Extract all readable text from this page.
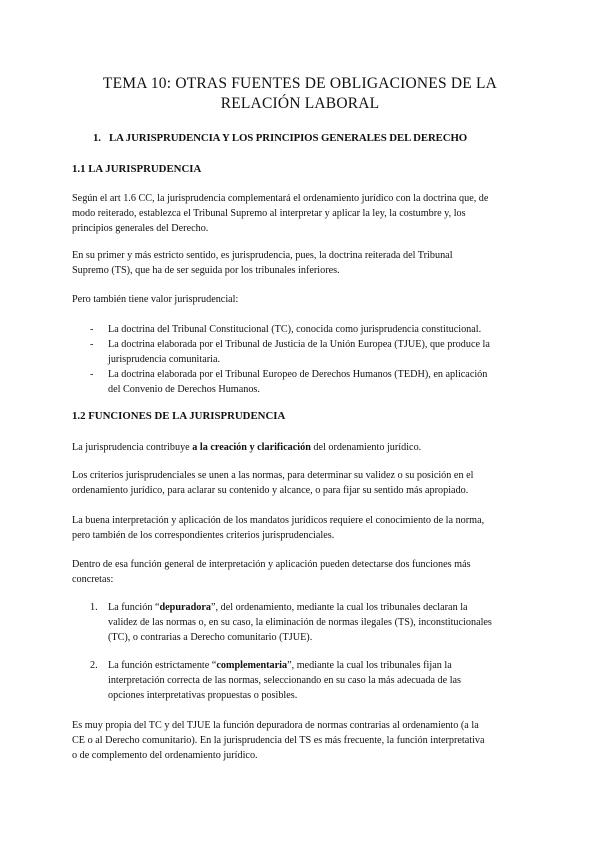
TEMA 10: OTRAS FUENTES DE OBLIGACIONES DE LA
RELACIÓN LABORAL
1. LA JURISPRUDENCIA Y LOS PRINCIPIOS GENERALES DEL DERECHO
1.1 LA JURISPRUDENCIA
Según el art 1.6 CC, la jurisprudencia complementará el ordenamiento jurídico con la doctrina que, de
modo reiterado, establezca el Tribunal Supremo al interpretar y aplicar la ley, la costumbre y, los
principios generales del Derecho.
En su primer y más estricto sentido, es jurisprudencia, pues, la doctrina reiterada del Tribunal
Supremo (TS), que ha de ser seguida por los tribunales inferiores.
Pero también tiene valor jurisprudencial:
- La doctrina del Tribunal Constitucional (TC), conocida como jurisprudencia constitucional.
- La doctrina elaborada por el Tribunal de Justicia de la Unión Europea (TJUE), que produce la
jurisprudencia comunitaria.
- La doctrina elaborada por el Tribunal Europeo de Derechos Humanos (TEDH), en aplicación
del Convenio de Derechos Humanos.
1.2 FUNCIONES DE LA JURISPRUDENCIA
La jurisprudencia contribuye a la creación y clarificación del ordenamiento jurídico.
Los criterios jurisprudenciales se unen a las normas, para determinar su validez o su posición en el
ordenamiento jurídico, para aclarar su contenido y alcance, o para fijar su sentido más apropiado.
La buena interpretación y aplicación de los mandatos jurídicos requiere el conocimiento de la norma,
pero también de los correspondientes criterios jurisprudenciales.
Dentro de esa función general de interpretación y aplicación pueden detectarse dos funciones más
concretas:
1. La función “depuradora”, del ordenamiento, mediante la cual los tribunales declaran la
validez de las normas o, en su caso, la eliminación de normas ilegales (TS), inconstitucionales
(TC), o contrarias a Derecho comunitario (TJUE).
2. La función estrictamente “complementaria”, mediante la cual los tribunales fijan la
interpretación correcta de las normas, seleccionando en su caso la más adecuada de las
opciones interpretativas propuestas o posibles.
Es muy propia del TC y del TJUE la función depuradora de normas contrarias al ordenamiento (a la
CE o al Derecho comunitario). En la jurisprudencia del TS es más frecuente, la función interpretativa
o de complemento del ordenamiento jurídico.
